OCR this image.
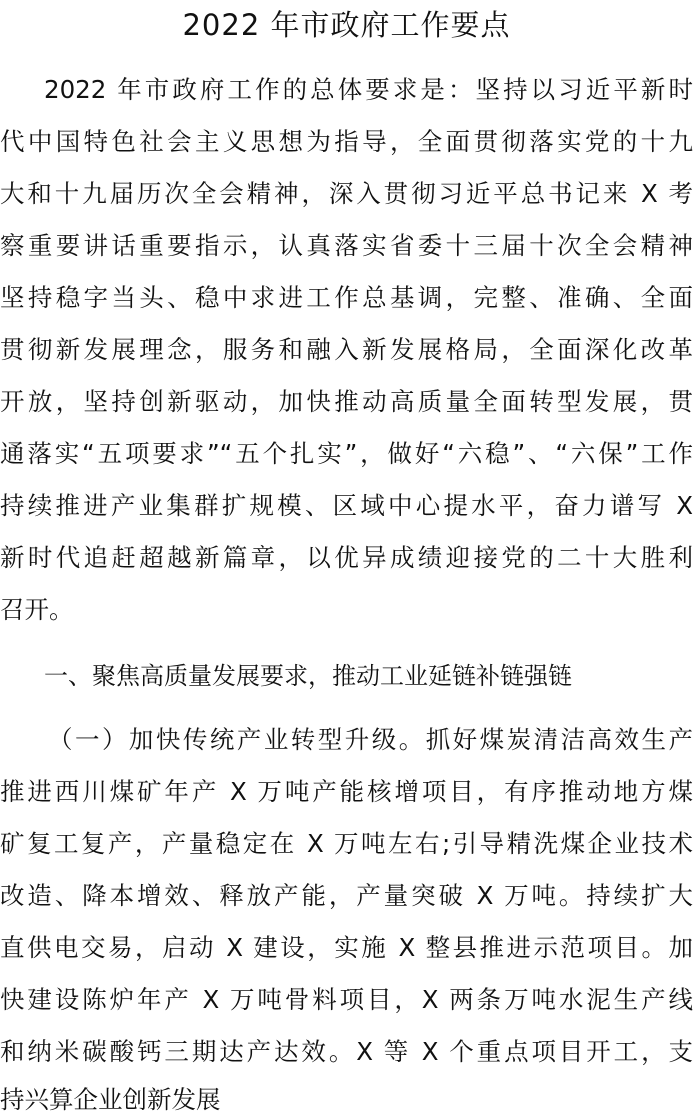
2022 年市政府工作要点
2022 年市政府工作的总体要求是：坚持以习近平新时
代中国特色社会主义思想为指导，全面贯彻落实党的十九
大和十九届历次全会精神，深入贯彻习近平总书记来 X 考
察重要讲话重要指示，认真落实省委十三届十次全会精神
坚持稳字当头、稳中求进工作总基调，完整、准确、全面
贯彻新发展理念，服务和融入新发展格局，全面深化改革
开放，坚持创新驱动，加快推动高质量全面转型发展，贯
通落实“五项要求”“五个扎实”，做好“六稳”、“六保”工作
持续推进产业集群扩规模、区域中心提水平，奋力谱写 X
新时代追赶超越新篇章，以优异成绩迎接党的二十大胜利
召开。
一、聚焦高质量发展要求，推动工业延链补链强链
（一）加快传统产业转型升级。抓好煤炭清洁高效生产
推进西川煤矿年产 X 万吨产能核增项目，有序推动地方煤
矿复工复产，产量稳定在 X 万吨左右;引导精洗煤企业技术
改造、降本增效、释放产能，产量突破 X 万吨。持续扩大
直供电交易，启动 X 建设，实施 X 整县推进示范项目。加
快建设陈炉年产 X 万吨骨料项目，X 两条万吨水泥生产线
和纳米碳酸钙三期达产达效。X 等 X 个重点项目开工，支
持兴算企业创新发展
